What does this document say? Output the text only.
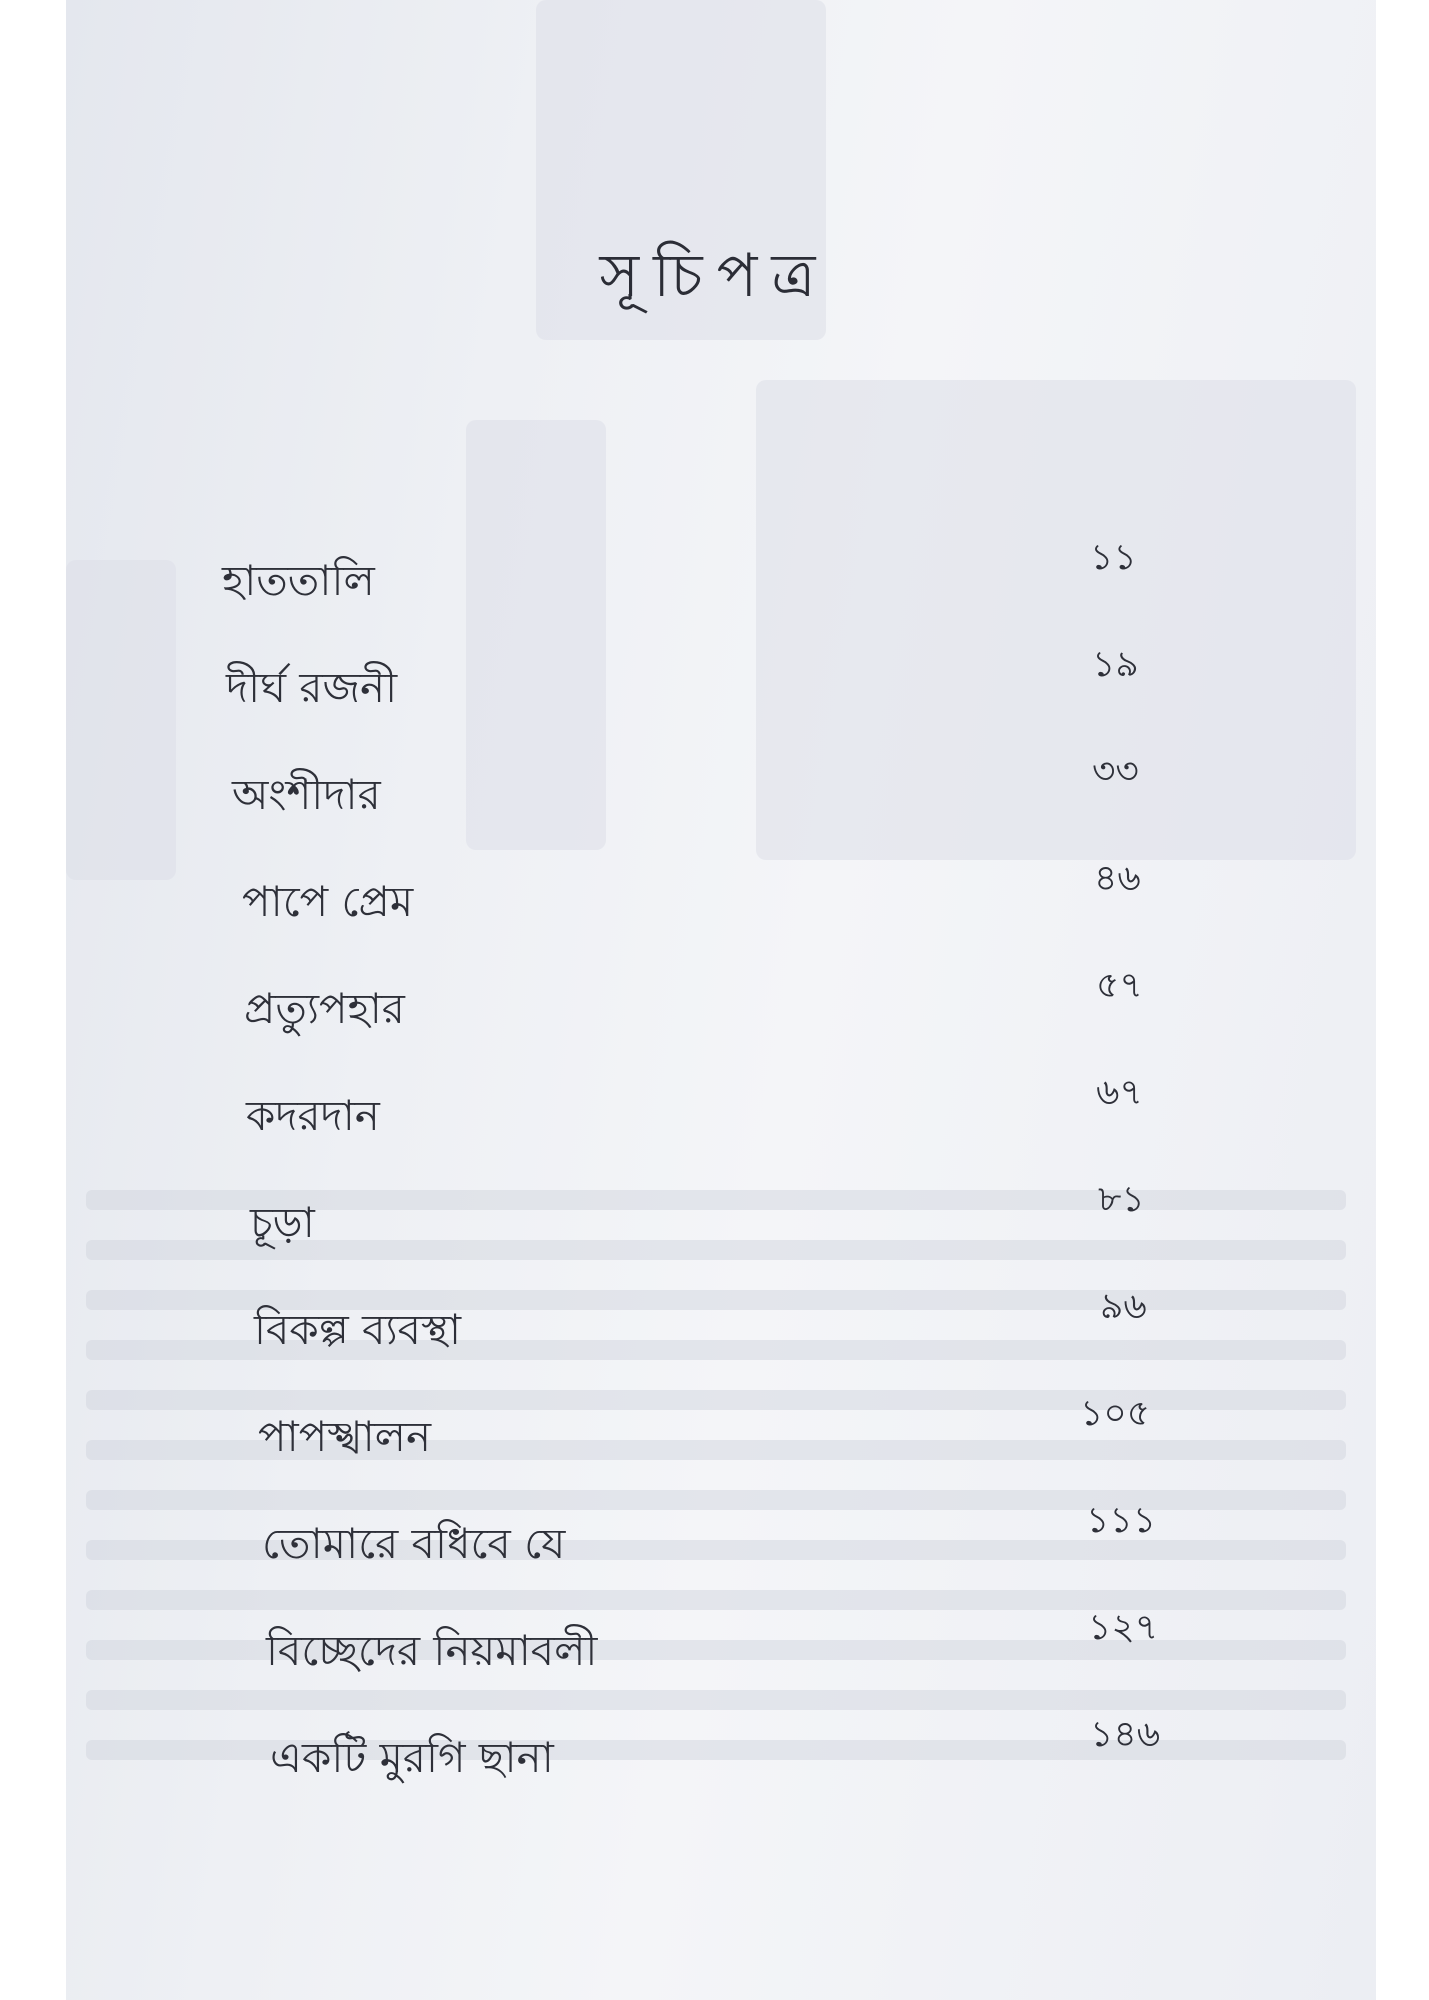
সূচিপত্র
হাততালি	১১
দীর্ঘ রজনী	১৯
অংশীদার	৩৩
পাপে প্রেম	৪৬
প্রত্যুপহার	৫৭
কদরদান	৬৭
চূড়া	৮১
বিকল্প ব্যবস্থা	৯৬
পাপস্খালন	১০৫
তোমারে বধিবে যে	১১১
বিচ্ছেদের নিয়মাবলী	১২৭
একটি মুরগি ছানা	১৪৬
